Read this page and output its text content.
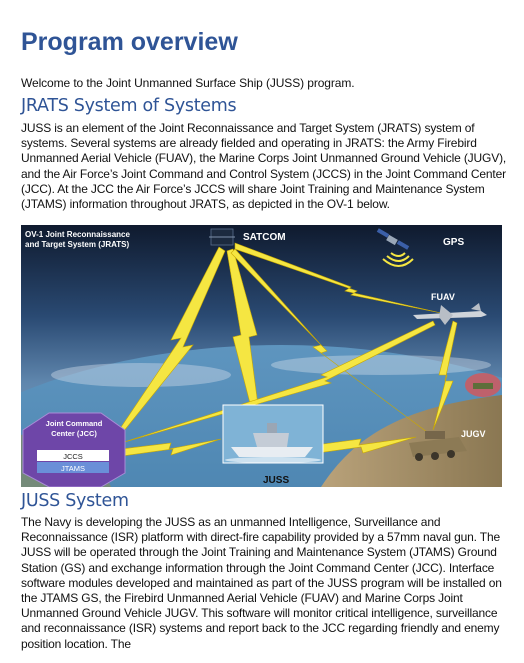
Program overview
Welcome to the Joint Unmanned Surface Ship (JUSS) program.
JRATS System of Systems
JUSS is an element of the Joint Reconnaissance and Target System (JRATS) system of systems. Several systems are already fielded and operating in JRATS: the Army Firebird Unmanned Aerial Vehicle (FUAV), the Marine Corps Joint Unmanned Ground Vehicle (JUGV), and the Air Force’s Joint Command and Control System (JCCS) in the Joint Command Center (JCC). At the JCC the Air Force’s JCCS will share Joint Training and Maintenance System (JTAMS) information throughout JRATS, as depicted in the OV-1 below.
GPS
SATCOM
OV-1 Joint Reconnaissance
and Target System (JRATS)
FUAV
Joint Command
Center (JCC)
JCCS
JTAMS
JUSS
JUGV
JUSS System
The Navy is developing the JUSS as an unmanned Intelligence, Surveillance and Reconnaissance (ISR) platform with direct-fire capability provided by a 57mm naval gun. The JUSS will be operated through the Joint Training and Maintenance System (JTAMS) Ground Station (GS) and exchange information through the Joint Command Center (JCC). Interface software modules developed and maintained as part of the JUSS program will be installed on the JTAMS GS, the Firebird Unmanned Aerial Vehicle (FUAV) and Marine Corps Joint Unmanned Ground Vehicle JUGV. This software will monitor critical intelligence, surveillance and reconnaissance (ISR) systems and report back to the JCC regarding friendly and enemy position location. The
